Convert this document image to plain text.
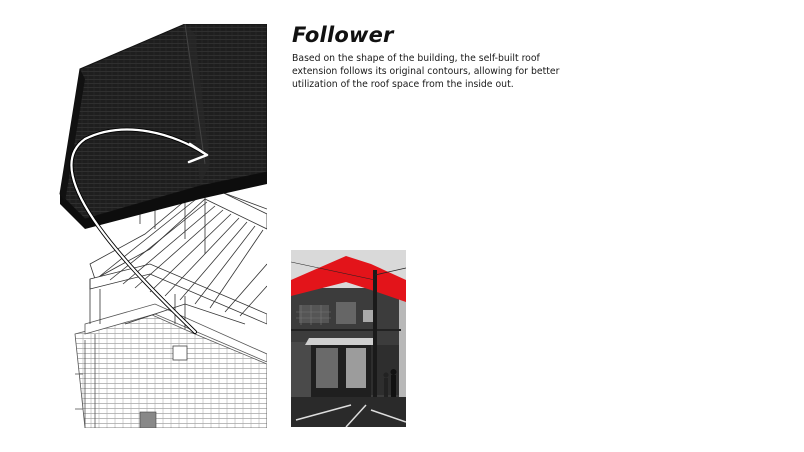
Follower

Based on the shape of the building, the self-built roof extension follows its original contours, allowing for better utilization of the roof space from the inside out.
